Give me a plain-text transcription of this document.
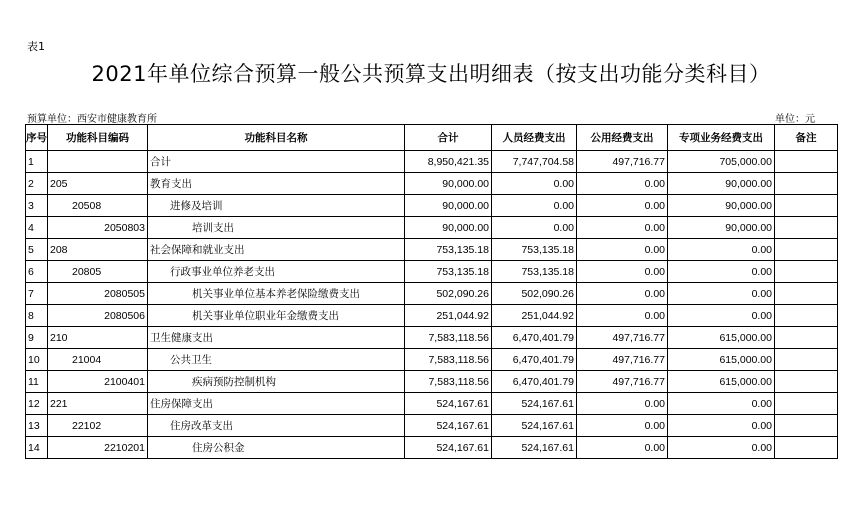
表1
2021年单位综合预算一般公共预算支出明细表（按支出功能分类科目）
预算单位：西安市健康教育所	单位：元
序号	功能科目编码	功能科目名称	合计	人员经费支出	公用经费支出	专项业务经费支出	备注
1		合计	8,950,421.35	7,747,704.58	497,716.77	705,000.00	
2	205	教育支出	90,000.00	0.00	0.00	90,000.00	
3	20508	进修及培训	90,000.00	0.00	0.00	90,000.00	
4	2050803	培训支出	90,000.00	0.00	0.00	90,000.00	
5	208	社会保障和就业支出	753,135.18	753,135.18	0.00	0.00	
6	20805	行政事业单位养老支出	753,135.18	753,135.18	0.00	0.00	
7	2080505	机关事业单位基本养老保险缴费支出	502,090.26	502,090.26	0.00	0.00	
8	2080506	机关事业单位职业年金缴费支出	251,044.92	251,044.92	0.00	0.00	
9	210	卫生健康支出	7,583,118.56	6,470,401.79	497,716.77	615,000.00	
10	21004	公共卫生	7,583,118.56	6,470,401.79	497,716.77	615,000.00	
11	2100401	疾病预防控制机构	7,583,118.56	6,470,401.79	497,716.77	615,000.00	
12	221	住房保障支出	524,167.61	524,167.61	0.00	0.00	
13	22102	住房改革支出	524,167.61	524,167.61	0.00	0.00	
14	2210201	住房公积金	524,167.61	524,167.61	0.00	0.00	
